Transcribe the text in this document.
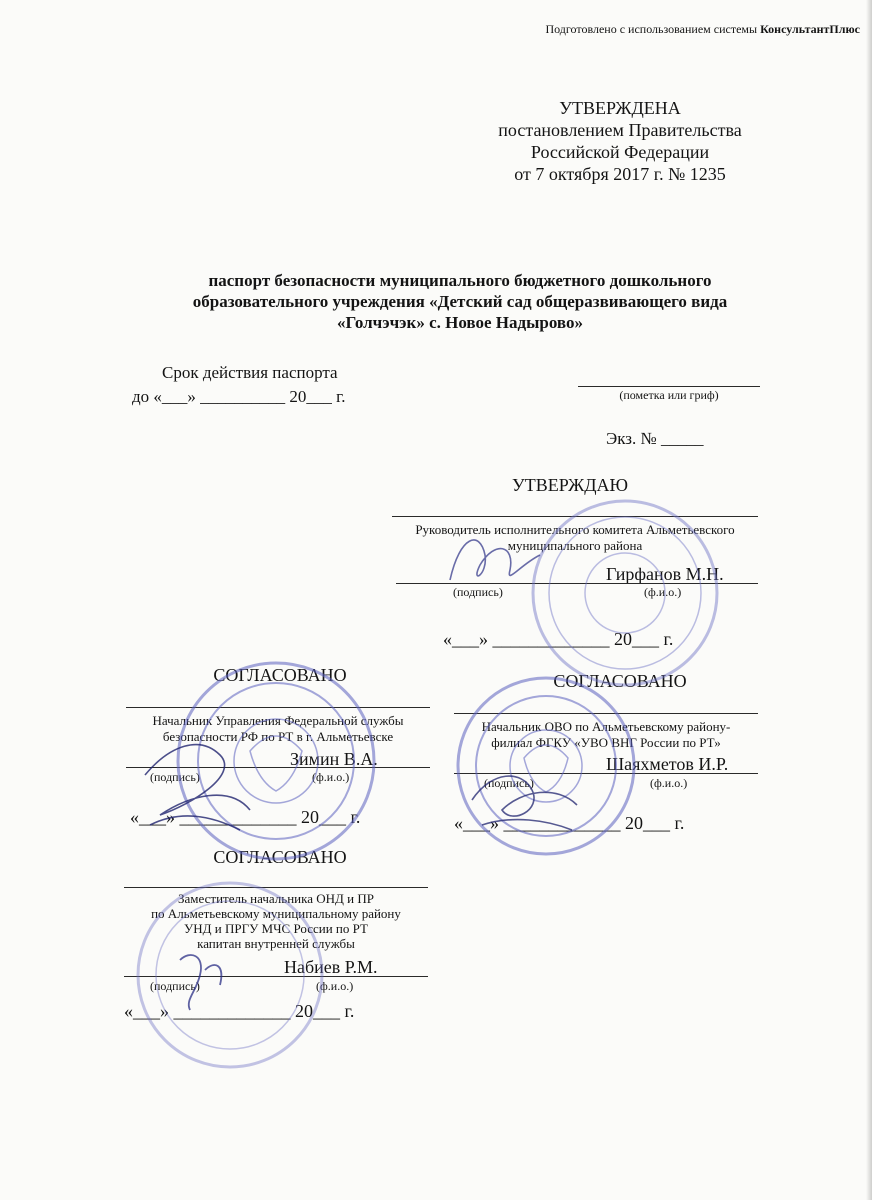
Подготовлено с использованием системы КонсультантПлюс
УТВЕРЖДЕНА
постановлением Правительства
Российской Федерации
от 7 октября 2017 г. № 1235
паспорт безопасности муниципального бюджетного дошкольного
образовательного учреждения «Детский сад общеразвивающего вида
«Голчэчэк» с. Новое Надырово»
Срок действия паспорта
до «___» __________ 20___ г.	(пометка или гриф)
Экз. № _____
УТВЕРЖДАЮ
Руководитель исполнительного комитета Альметьевского
муниципального района
Гирфанов М.Н.
(подпись)	(ф.и.о.)
«___» _____________ 20___ г.
СОГЛАСОВАНО
Начальник Управления Федеральной службы
безопасности РФ по РТ в г. Альметьевске
Зимин В.А.
(подпись)	(ф.и.о.)
«___» _____________ 20___ г.
СОГЛАСОВАНО
Начальник ОВО по Альметьевскому району-
филиал ФГКУ «УВО ВНГ России по РТ»
Шаяхметов И.Р.
(подпись)	(ф.и.о.)
«___» _____________ 20___ г.
СОГЛАСОВАНО
Заместитель начальника ОНД и ПР
по Альметьевскому муниципальному району
УНД и ПРГУ МЧС России по РТ
капитан внутренней службы
Набиев Р.М.
(подпись)	(ф.и.о.)
«___» _____________ 20___ г.
